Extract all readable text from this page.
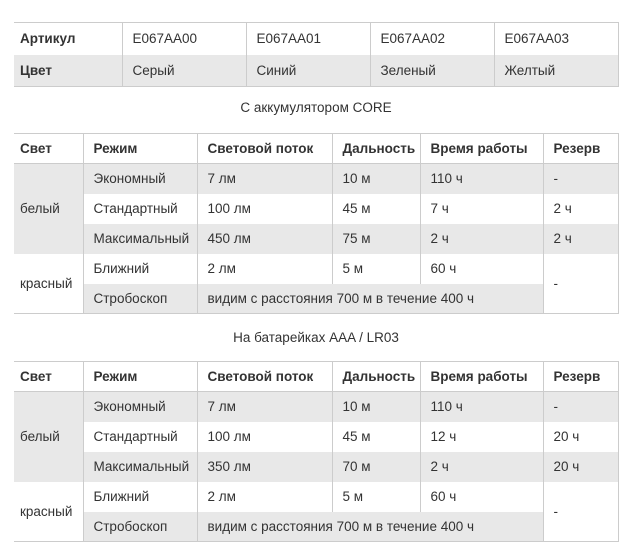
Артикул	E067AA00	E067AA01	E067AA02	E067AA03
Цвет	Серый	Синий	Зеленый	Желтый
С аккумулятором CORE
Свет	Режим	Световой поток	Дальность	Время работы	Резерв
белый	Экономный	7 лм	10 м	110 ч	-
	Стандартный	100 лм	45 м	7 ч	2 ч
	Максимальный	450 лм	75 м	2 ч	2 ч
красный	Ближний	2 лм	5 м	60 ч	-
	Стробоскоп	видим с расстояния 700 м в течение 400 ч			
На батарейках AAA / LR03
Свет	Режим	Световой поток	Дальность	Время работы	Резерв
белый	Экономный	7 лм	10 м	110 ч	-
	Стандартный	100 лм	45 м	12 ч	20 ч
	Максимальный	350 лм	70 м	2 ч	20 ч
красный	Ближний	2 лм	5 м	60 ч	-
	Стробоскоп	видим с расстояния 700 м в течение 400 ч			
